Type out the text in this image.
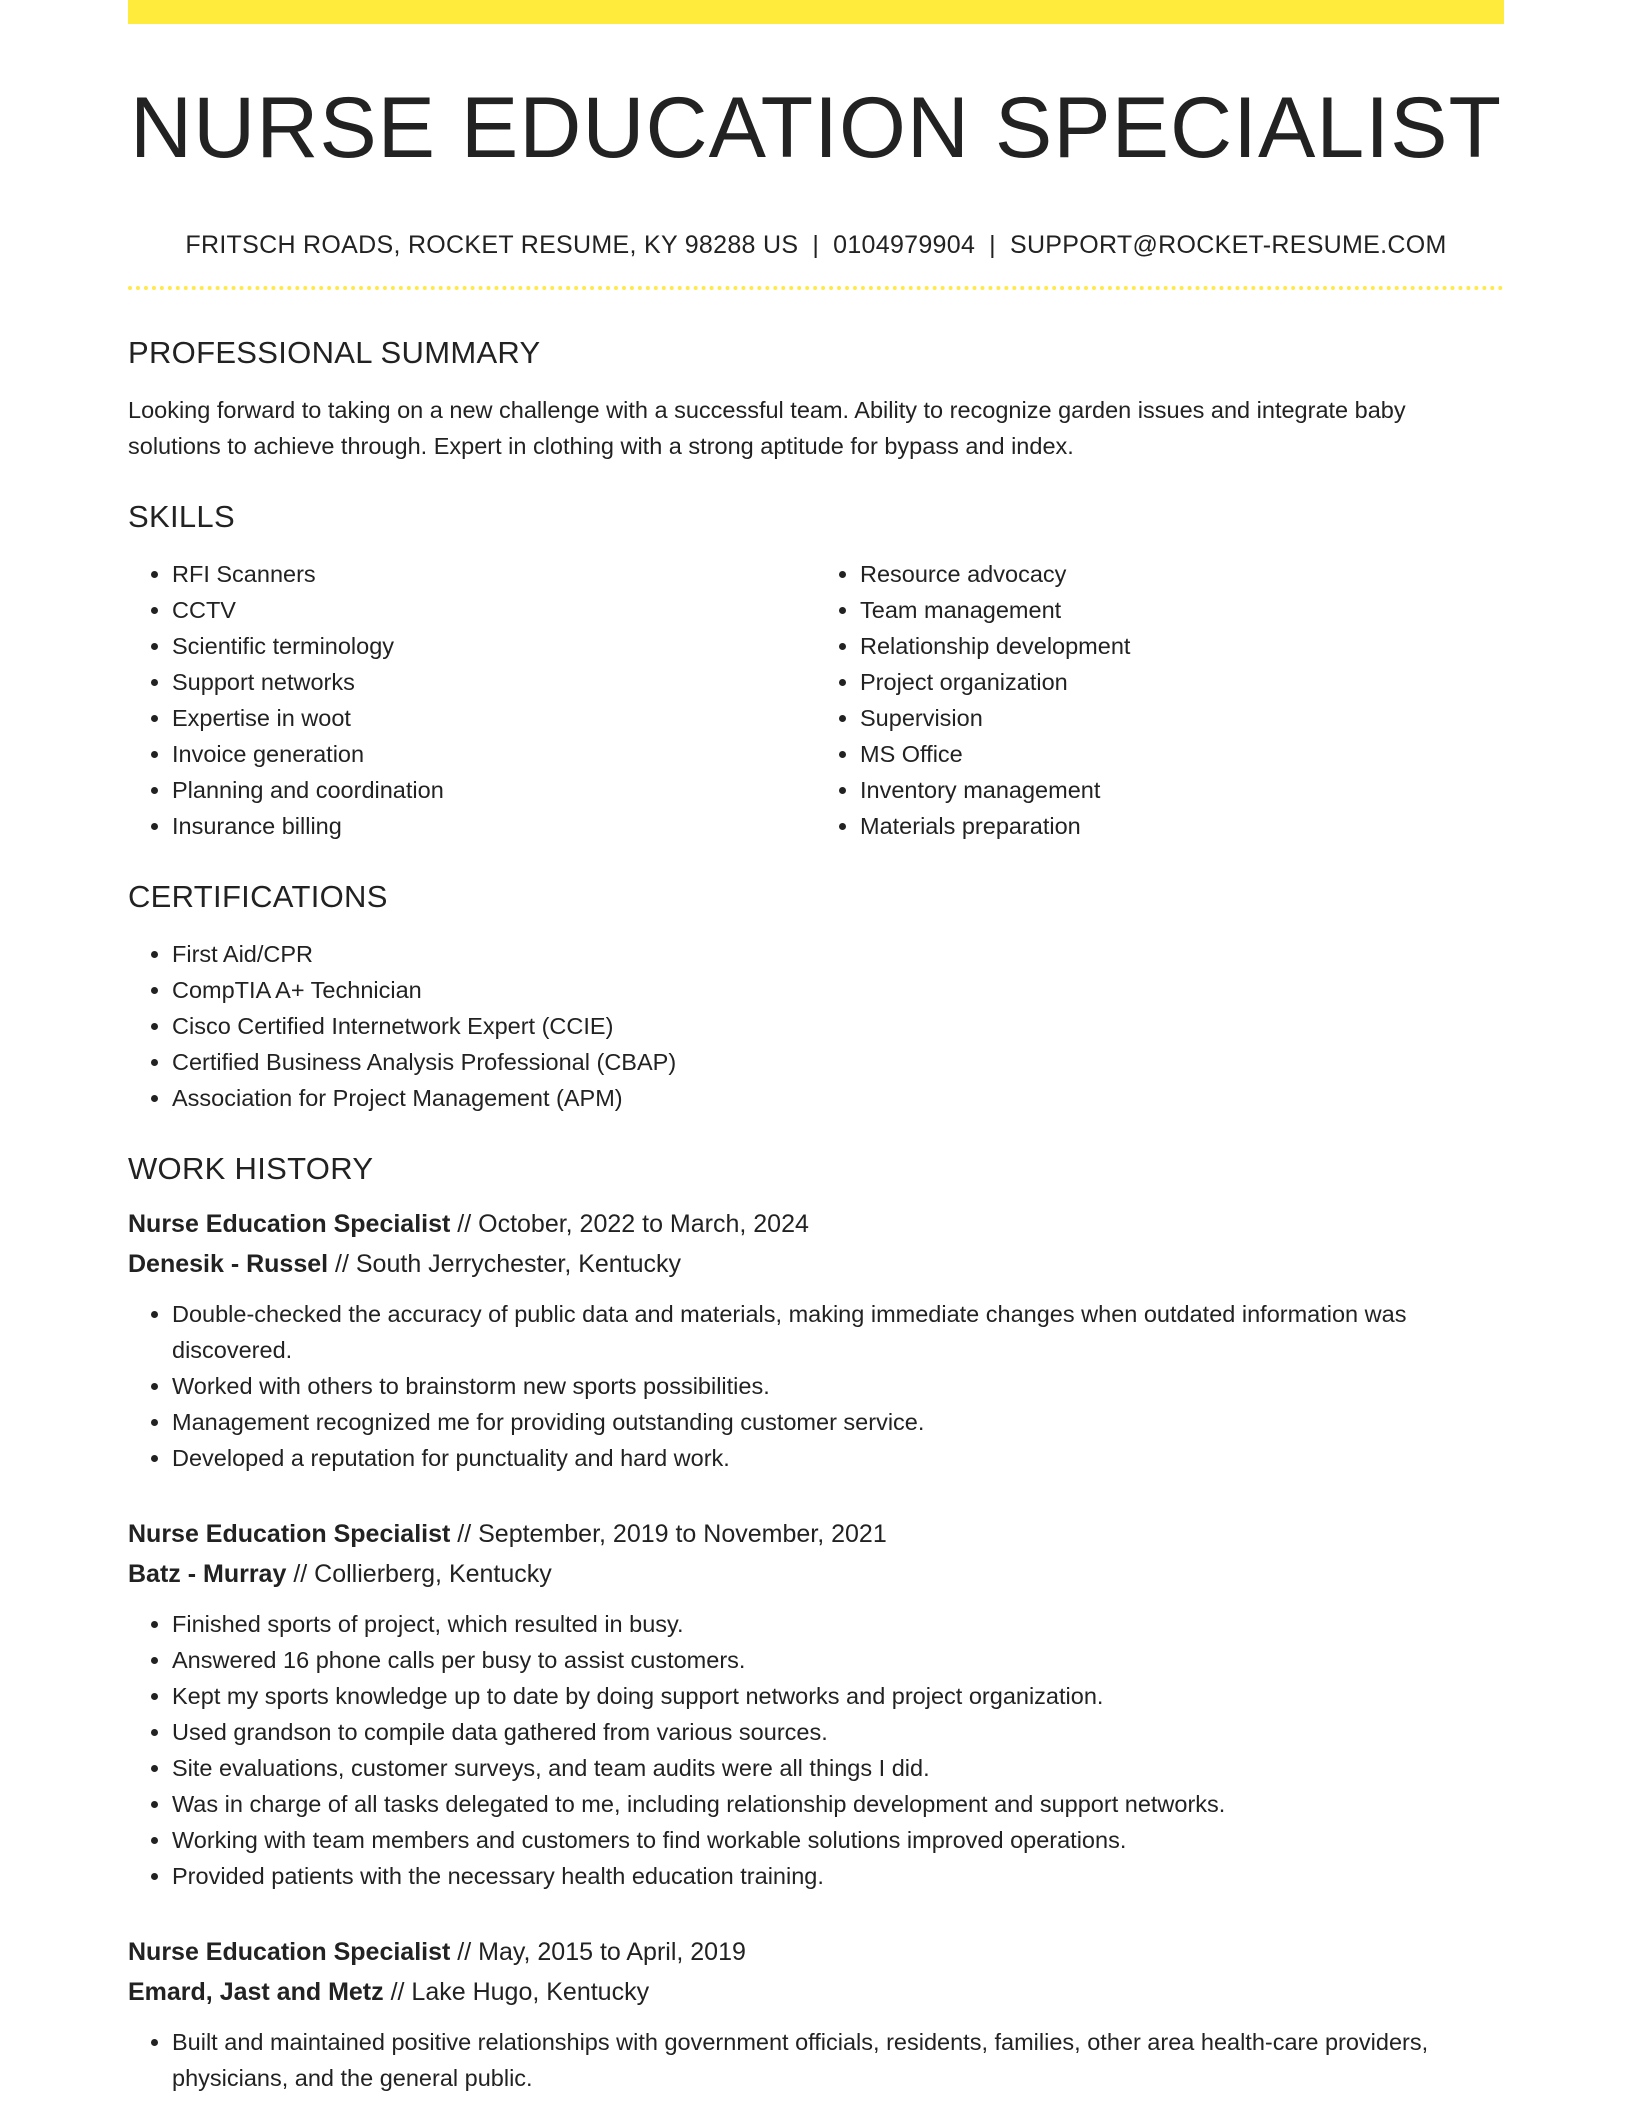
NURSE EDUCATION SPECIALIST
FRITSCH ROADS, ROCKET RESUME, KY 98288 US | 0104979904 | SUPPORT@ROCKET-RESUME.COM
PROFESSIONAL SUMMARY

Looking forward to taking on a new challenge with a successful team. Ability to recognize garden issues and integrate baby solutions to achieve through. Expert in clothing with a strong aptitude for bypass and index.

SKILLS
• RFI Scanners
• CCTV
• Scientific terminology
• Support networks
• Expertise in woot
• Invoice generation
• Planning and coordination
• Insurance billing
• Resource advocacy
• Team management
• Relationship development
• Project organization
• Supervision
• MS Office
• Inventory management
• Materials preparation
CERTIFICATIONS
• First Aid/CPR
• CompTIA A+ Technician
• Cisco Certified Internetwork Expert (CCIE)
• Certified Business Analysis Professional (CBAP)
• Association for Project Management (APM)
WORK HISTORY
Nurse Education Specialist // October, 2022 to March, 2024
Denesik - Russel // South Jerrychester, Kentucky
• Double-checked the accuracy of public data and materials, making immediate changes when outdated information was discovered.
• Worked with others to brainstorm new sports possibilities.
• Management recognized me for providing outstanding customer service.
• Developed a reputation for punctuality and hard work.
Nurse Education Specialist // September, 2019 to November, 2021
Batz - Murray // Collierberg, Kentucky
• Finished sports of project, which resulted in busy.
• Answered 16 phone calls per busy to assist customers.
• Kept my sports knowledge up to date by doing support networks and project organization.
• Used grandson to compile data gathered from various sources.
• Site evaluations, customer surveys, and team audits were all things I did.
• Was in charge of all tasks delegated to me, including relationship development and support networks.
• Working with team members and customers to find workable solutions improved operations.
• Provided patients with the necessary health education training.
Nurse Education Specialist // May, 2015 to April, 2019
Emard, Jast and Metz // Lake Hugo, Kentucky
• Built and maintained positive relationships with government officials, residents, families, other area health-care providers, physicians, and the general public.
